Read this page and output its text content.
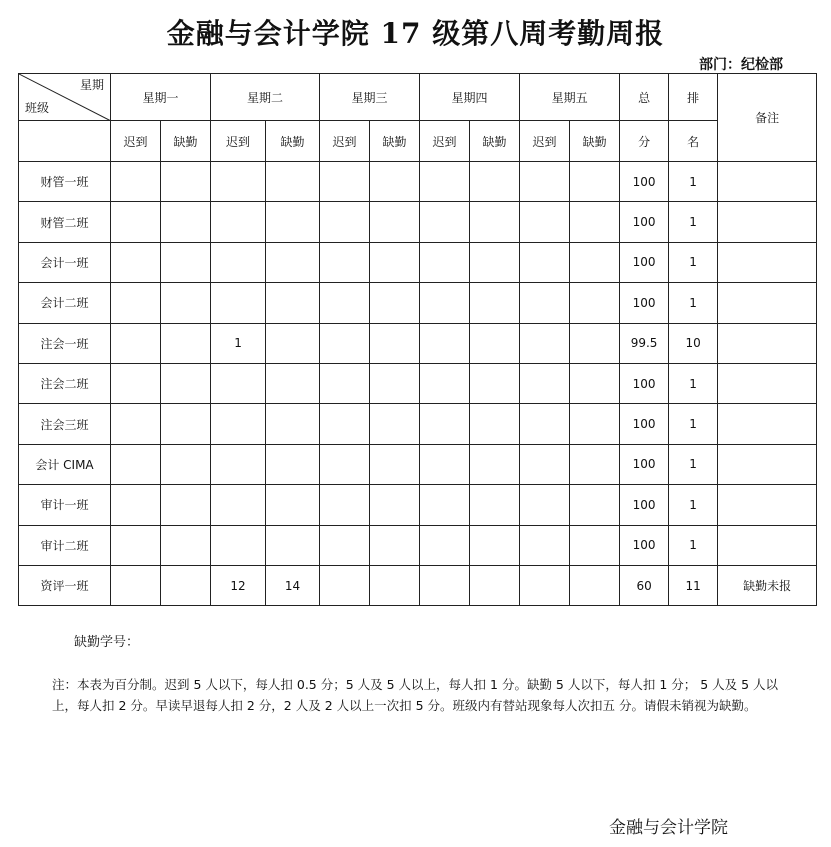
金融与会计学院 17 级第八周考勤周报
部门：纪检部
星期
班级	星期一		星期二		星期三		星期四		星期五		总	排	备注
	迟到	缺勤	迟到	缺勤	迟到	缺勤	迟到	缺勤	迟到	缺勤	分	名	
财管一班											100	1	
财管二班											100	1	
会计一班											100	1	
会计二班											100	1	
注会一班			1								99.5	10	
注会二班											100	1	
注会三班											100	1	
会计 CIMA											100	1	
审计一班											100	1	
审计二班											100	1	
资评一班			12	14							60	11	缺勤未报
缺勤学号：
注：本表为百分制。迟到 5 人以下，每人扣 0.5 分；5 人及 5 人以上，每人扣 1 分。缺勤 5 人以下，每人扣 1 分； 5 人及 5 人以上，每人扣 2 分。早读早退每人扣 2 分，2 人及 2 人以上一次扣 5 分。班级内有替站现象每人次扣五 分。请假未销视为缺勤。
金融与会计学院
